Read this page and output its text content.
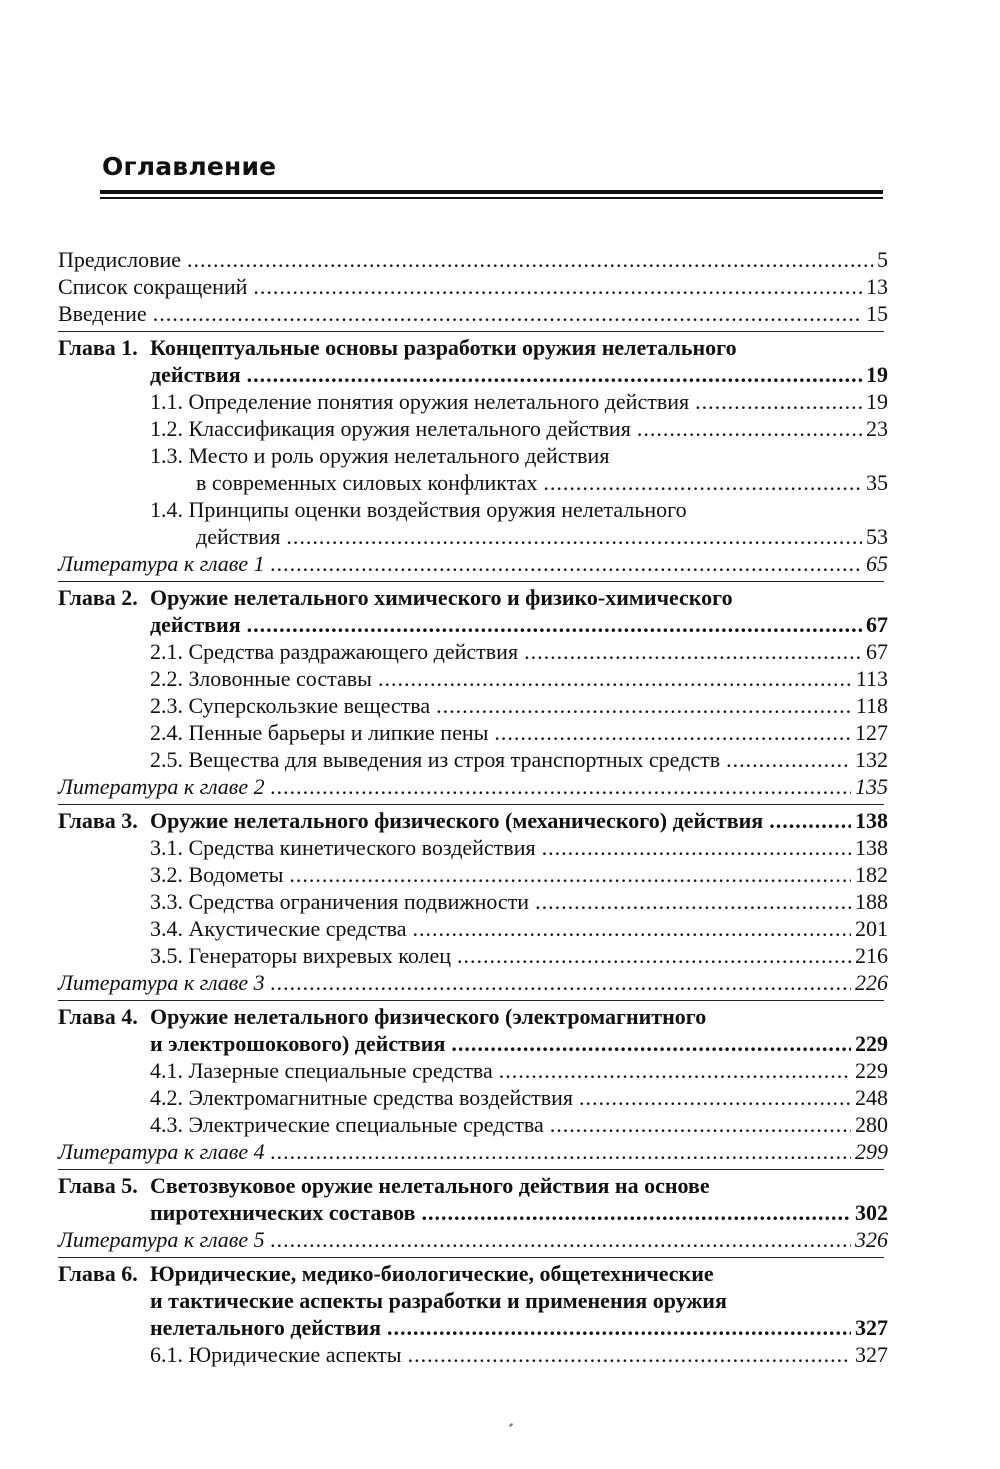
Оглавление
Предисловие .....	5
Список сокращений .....	13
Введение .....	15
Глава 1. Концептуальные основы разработки оружия нелетального
действия .....	19
1.1. Определение понятия оружия нелетального действия .....	19
1.2. Классификация оружия нелетального действия .....	23
1.3. Место и роль оружия нелетального действия
в современных силовых конфликтах .....	35
1.4. Принципы оценки воздействия оружия нелетального
действия .....	53
Литература к главе 1 .....	65
Глава 2. Оружие нелетального химического и физико-химического
действия .....	67
2.1. Средства раздражающего действия .....	67
2.2. Зловонные составы .....	113
2.3. Суперскользкие вещества .....	118
2.4. Пенные барьеры и липкие пены .....	127
2.5. Вещества для выведения из строя транспортных средств .....	132
Литература к главе 2 .....	135
Глава 3. Оружие нелетального физического (механического) действия .....	138
3.1. Средства кинетического воздействия .....	138
3.2. Водометы .....	182
3.3. Средства ограничения подвижности .....	188
3.4. Акустические средства .....	201
3.5. Генераторы вихревых колец .....	216
Литература к главе 3 .....	226
Глава 4. Оружие нелетального физического (электромагнитного
и электрошокового) действия .....	229
4.1. Лазерные специальные средства .....	229
4.2. Электромагнитные средства воздействия .....	248
4.3. Электрические специальные средства .....	280
Литература к главе 4 .....	299
Глава 5. Светозвуковое оружие нелетального действия на основе
пиротехнических составов .....	302
Литература к главе 5 .....	326
Глава 6. Юридические, медико-биологические, общетехнические
и тактические аспекты разработки и применения оружия
нелетального действия .....	327
6.1. Юридические аспекты .....	327
